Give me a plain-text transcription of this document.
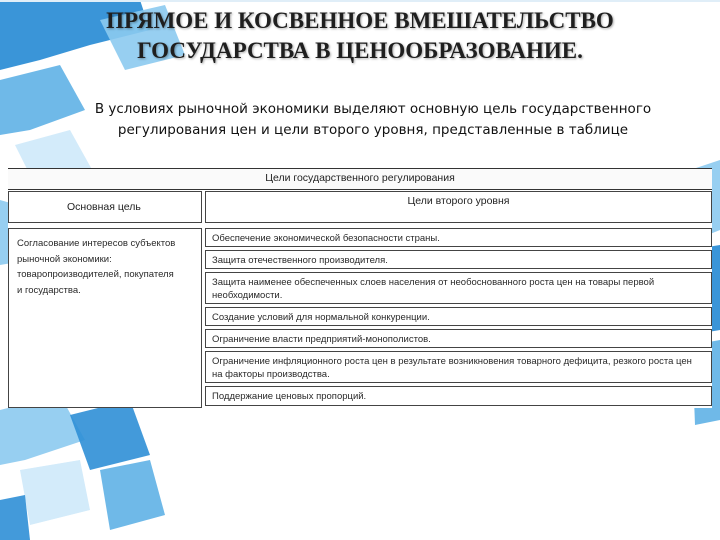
ПРЯМОЕ И КОСВЕННОЕ ВМЕШАТЕЛЬСТВО
ГОСУДАРСТВА В ЦЕНООБРАЗОВАНИЕ.
В условиях рыночной экономики выделяют основную цель государственного
регулирования цен и цели второго уровня, представленные в таблице
Цели государственного регулирования
Основная цель	Цели второго уровня
Согласование интересов субъектов
рыночной экономики:
товаропроизводителей, покупателя
и государства.
Обеспечение экономической безопасности страны.
Защита отечественного производителя.
Защита наименее обеспеченных слоев населения от необоснованного роста цен на товары первой необходимости.
Создание условий для нормальной конкуренции.
Ограничение власти предприятий-монополистов.
Ограничение инфляционного роста цен в результате возникновения товарного дефицита, резкого роста цен на факторы производства.
Поддержание ценовых пропорций.
